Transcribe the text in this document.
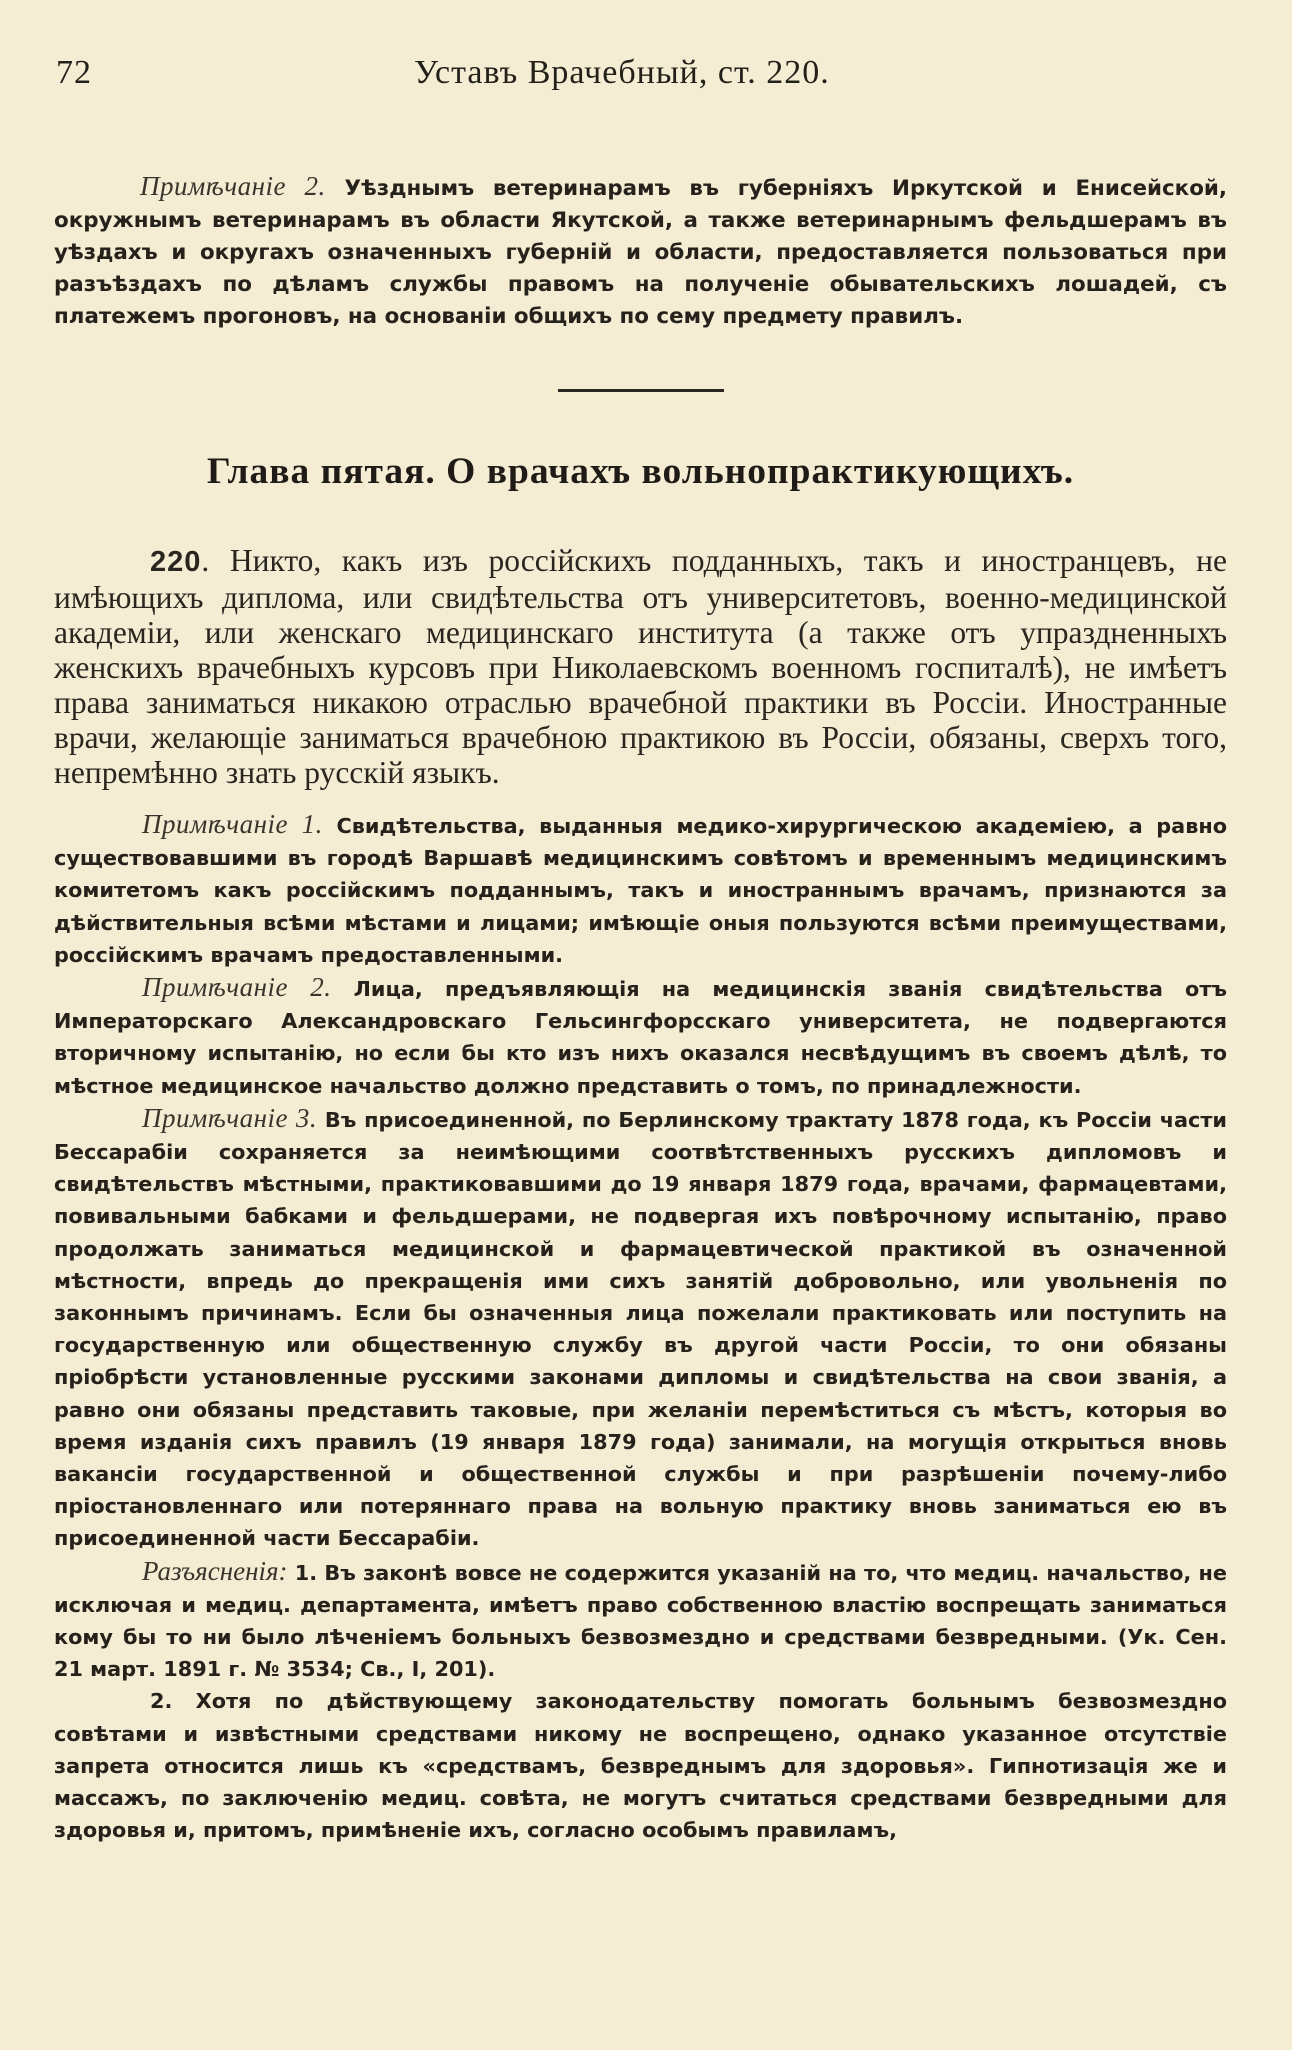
72	Уставъ Врачебный, ст. 220.

Примѣчаніе 2. Уѣзднымъ ветеринарамъ въ губерніяхъ Иркутской и Енисейской, окружнымъ ветеринарамъ въ области Якутской, а также ветеринарнымъ фельдшерамъ въ уѣздахъ и округахъ означенныхъ губерній и области, предоставляется пользоваться при разъѣздахъ по дѣламъ службы правомъ на полученіе обывательскихъ лошадей, съ платежемъ прогоновъ, на основаніи общихъ по сему предмету правилъ.

Глава пятая. О врачахъ вольнопрактикующихъ.

220. Никто, какъ изъ россійскихъ подданныхъ, такъ и иностранцевъ, не имѣющихъ диплома, или свидѣтельства отъ университетовъ, военно-медицинской академіи, или женскаго медицинскаго института (а также отъ упраздненныхъ женскихъ врачебныхъ курсовъ при Николаевскомъ военномъ госпиталѣ), не имѣетъ права заниматься никакою отраслью врачебной практики въ Россіи. Иностранные врачи, желающіе заниматься врачебною практикою въ Россіи, обязаны, сверхъ того, непремѣнно знать русскій языкъ.

Примѣчаніе 1. Свидѣтельства, выданныя медико-хирургическою академіею, а равно существовавшими въ городѣ Варшавѣ медицинскимъ совѣтомъ и временнымъ медицинскимъ комитетомъ какъ россійскимъ подданнымъ, такъ и иностраннымъ врачамъ, признаются за дѣйствительныя всѣми мѣстами и лицами; имѣющіе оныя пользуются всѣми преимуществами, россійскимъ врачамъ предоставленными.

Примѣчаніе 2. Лица, предъявляющія на медицинскія званія свидѣтельства отъ Императорскаго Александровскаго Гельсингфорсскаго университета, не подвергаются вторичному испытанію, но если бы кто изъ нихъ оказался несвѣдущимъ въ своемъ дѣлѣ, то мѣстное медицинское начальство должно представить о томъ, по принадлежности.

Примѣчаніе 3. Въ присоединенной, по Берлинскому трактату 1878 года, къ Россіи части Бессарабіи сохраняется за неимѣющими соотвѣтственныхъ русскихъ дипломовъ и свидѣтельствъ мѣстными, практиковавшими до 19 января 1879 года, врачами, фармацевтами, повивальными бабками и фельдшерами, не подвергая ихъ повѣрочному испытанію, право продолжать заниматься медицинской и фармацевтической практикой въ означенной мѣстности, впредь до прекращенія ими сихъ занятій добровольно, или увольненія по законнымъ причинамъ. Если бы означенныя лица пожелали практиковать или поступить на государственную или общественную службу въ другой части Россіи, то они обязаны пріобрѣсти установленные русскими законами дипломы и свидѣтельства на свои званія, а равно они обязаны представить таковые, при желаніи перемѣститься съ мѣстъ, которыя во время изданія сихъ правилъ (19 января 1879 года) занимали, на могущія открыться вновь вакансіи государственной и общественной службы и при разрѣшеніи почему-либо пріостановленнаго или потеряннаго права на вольную практику вновь заниматься ею въ присоединенной части Бессарабіи.

Разъясненія: 1. Въ законѣ вовсе не содержится указаній на то, что медиц. начальство, не исключая и медиц. департамента, имѣетъ право собственною властію воспрещать заниматься кому бы то ни было лѣченіемъ больныхъ безвозмездно и средствами безвредными. (Ук. Сен. 21 март. 1891 г. № 3534; Св., I, 201).

2. Хотя по дѣйствующему законодательству помогать больнымъ безвозмездно совѣтами и извѣстными средствами никому не воспрещено, однако указанное отсутствіе запрета относится лишь къ «средствамъ, безвреднымъ для здоровья». Гипнотизація же и массажъ, по заключенію медиц. совѣта, не могутъ считаться средствами безвредными для здоровья и, притомъ, примѣненіе ихъ, согласно особымъ правиламъ,
